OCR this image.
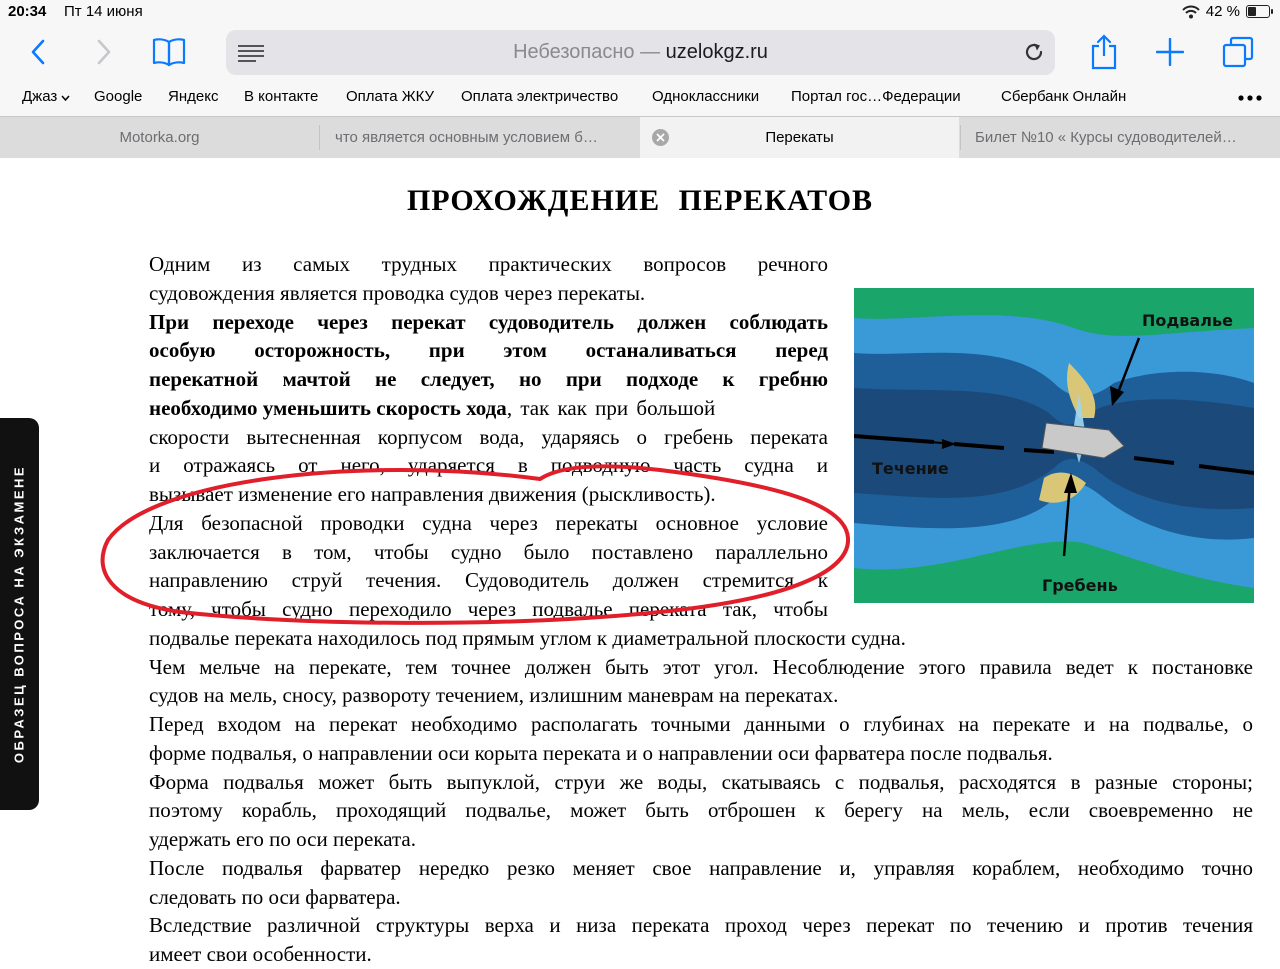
20:34 Пт 14 июня	42 %
Небезопасно — uzelokgz.ru
Джаз	Google Яндекс В контакте Оплата ЖКУ Оплата электричество Одноклассники Портал гос…Федерации	Сбербанк Онлайн
Motorka.org	что является основным условием б…	Перекаты	Билет №10 « Курсы судоводителей…
ПРОХОЖДЕНИЕ ПЕРЕКАТОВ
Одним из самых трудных практических вопросов речного
судовождения является проводка судов через перекаты.
При переходе через перекат судоводитель должен соблюдать
особую осторожность, при этом останаливаться перед
перекатной мачтой не следует, но при подходе к гребню
необходимо уменьшить скорость хода, так как при большой
скорости вытесненная корпусом вода, ударяясь о гребень переката
и отражаясь от него, ударяется в подводную часть судна и
вызывает изменение его направления движения (рыскливость).
Для безопасной проводки судна через перекаты основное условие
заключается в том, чтобы судно было поставлено параллельно
направлению струй течения. Судоводитель должен стремится к
тому, чтобы судно переходило через подвалье переката так, чтобы
подвалье переката находилось под прямым углом к диаметральной плоскости судна.
Чем мельче на перекате, тем точнее должен быть этот угол. Несоблюдение этого правила ведет к постановке
судов на мель, сносу, развороту течением, излишним маневрам на перекатах.
Перед входом на перекат необходимо располагать точными данными о глубинах на перекате и на подвалье, о
форме подвалья, о направлении оси корыта переката и о направлении оси фарватера после подвалья.
Форма подвалья может быть выпуклой, струи же воды, скатываясь с подвалья, расходятся в разные стороны;
поэтому корабль, проходящий подвалье, может быть отброшен к берегу на мель, если своевременно не
удержать его по оси переката.
После подвалья фарватер нередко резко меняет свое направление и, управляя кораблем, необходимо точно
следовать по оси фарватера.
Вследствие различной структуры верха и низа переката проход через перекат по течению и против течения
имеет свои особенности.
Подвалье
Течение
Гребень
ОБРАЗЕЦ ВОПРОСА НА ЭКЗАМЕНЕ
